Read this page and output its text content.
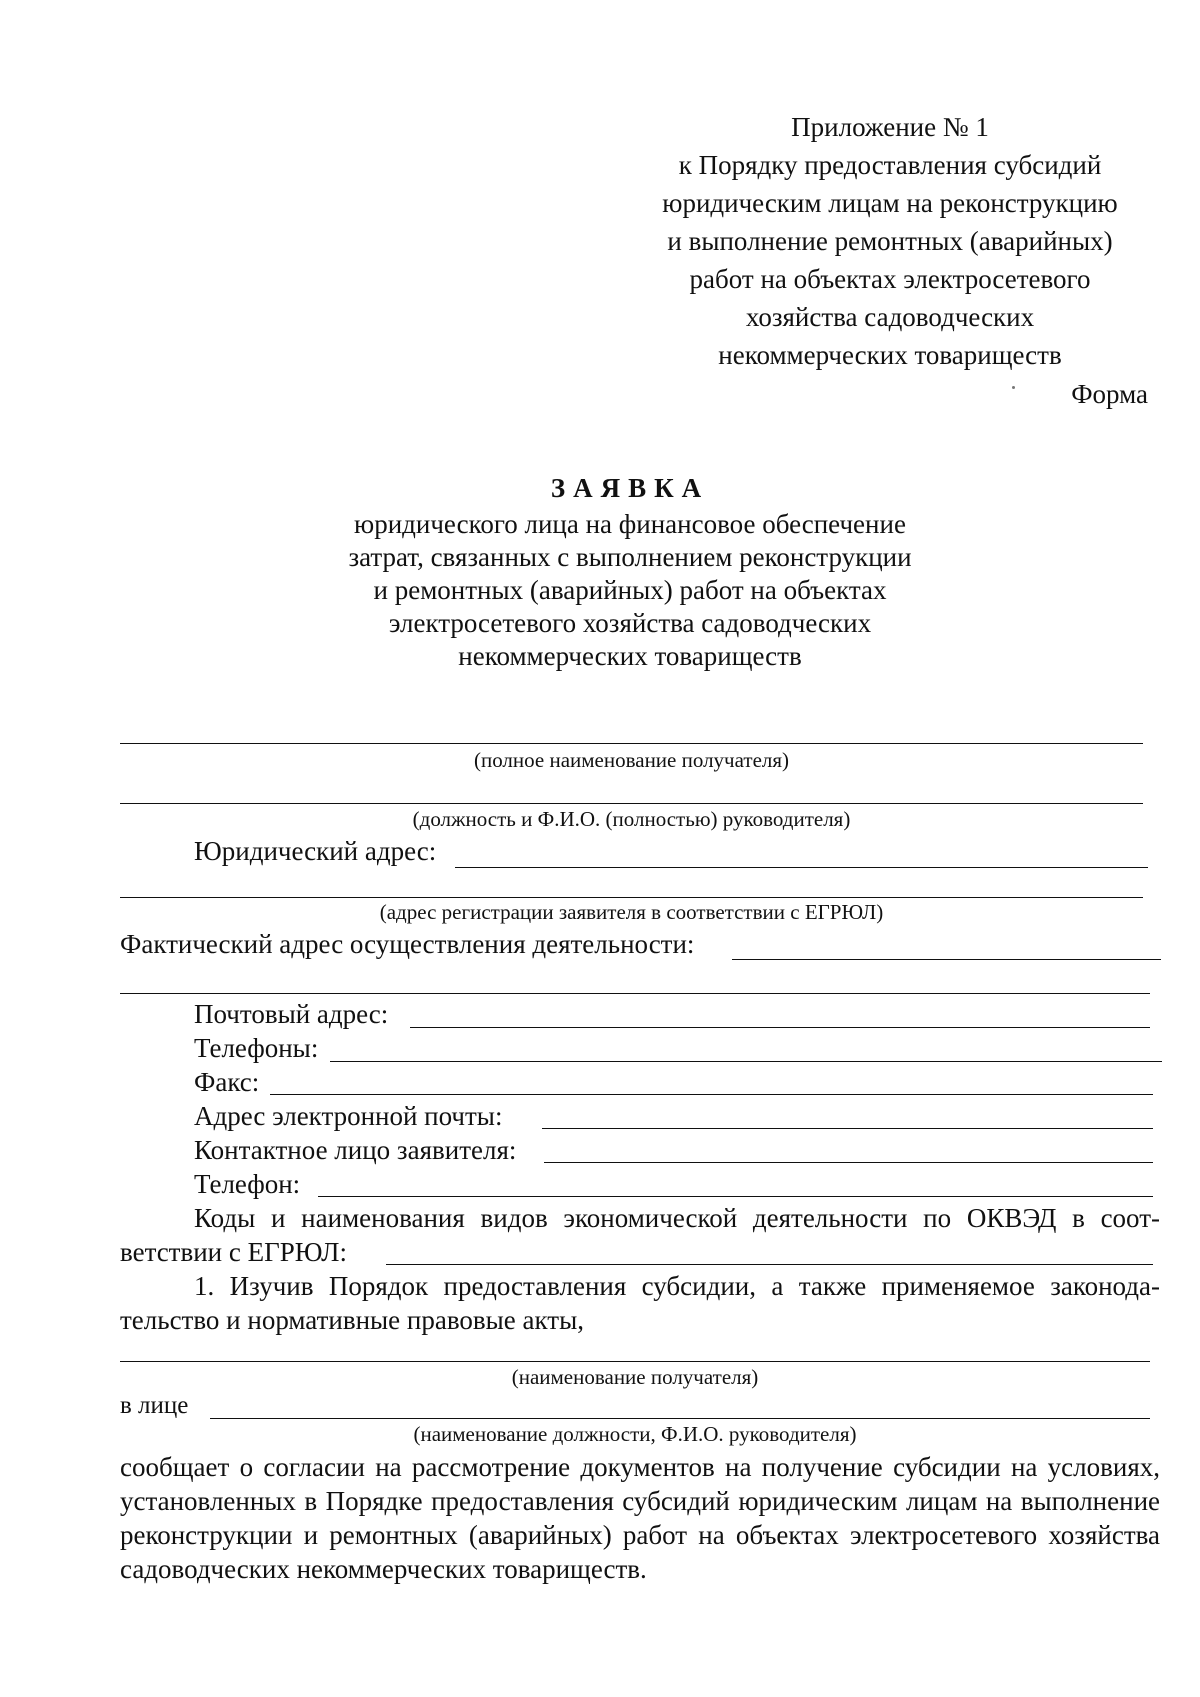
Приложение № 1
к Порядку предоставления субсидий
юридическим лицам на реконструкцию
и выполнение ремонтных (аварийных)
работ на объектах электросетевого
хозяйства садоводческих
некоммерческих товариществ
Форма
ЗАЯВКА
юридического лица на финансовое обеспечение
затрат, связанных с выполнением реконструкции
и ремонтных (аварийных) работ на объектах
электросетевого хозяйства садоводческих
некоммерческих товариществ
(полное наименование получателя)
(должность и Ф.И.О. (полностью) руководителя)
Юридический адрес:
(адрес регистрации заявителя в соответствии с ЕГРЮЛ)
Фактический адрес осуществления деятельности:
Почтовый адрес:
Телефоны:
Факс:
Адрес электронной почты:
Контактное лицо заявителя:
Телефон:
Коды и наименования видов экономической деятельности по ОКВЭД в соот-
ветствии с ЕГРЮЛ:
1. Изучив Порядок предоставления субсидии, а также применяемое законода-
тельство и нормативные правовые акты,
(наименование получателя)
в лице
(наименование должности, Ф.И.О. руководителя)
сообщает о согласии на рассмотрение документов на получение субсидии на условиях, установленных в Порядке предоставления субсидий юридическим лицам на выполнение реконструкции и ремонтных (аварийных) работ на объектах электросетевого хозяйства садоводческих некоммерческих товариществ.
